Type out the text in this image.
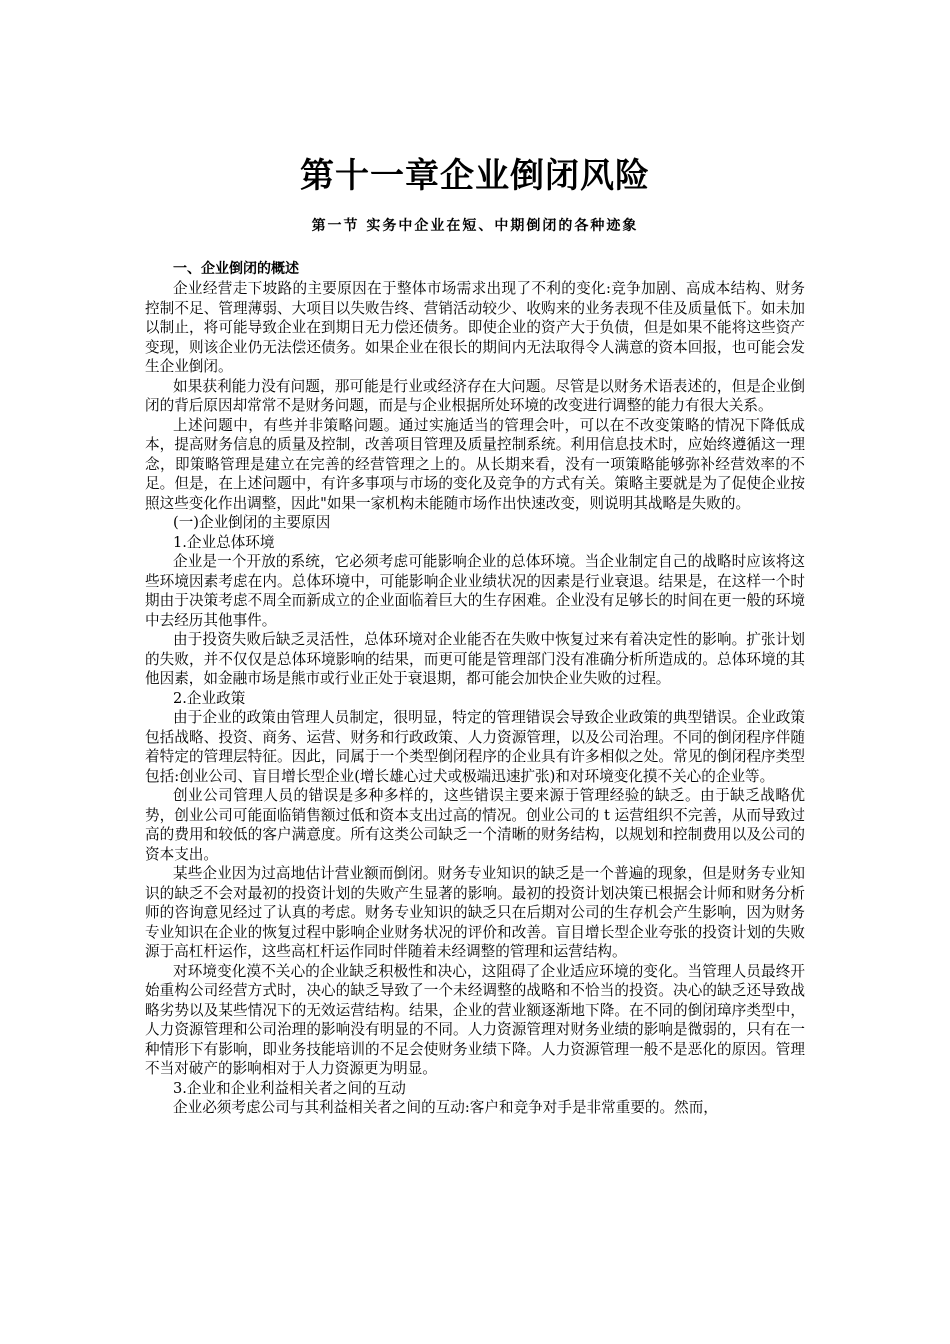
第十一章企业倒闭风险
第一节 实务中企业在短、中期倒闭的各种迹象

一、企业倒闭的概述

企业经营走下坡路的主要原因在于整体市场需求出现了不利的变化:竞争加剧、高成本结构、财务控制不足、管理薄弱、大项目以失败告终、营销活动较少、收购来的业务表现不佳及质量低下。如未加以制止，将可能导致企业在到期日无力偿还债务。即使企业的资产大于负债，但是如果不能将这些资产变现，则该企业仍无法偿还债务。如果企业在很长的期间内无法取得令人满意的资本回报，也可能会发生企业倒闭。

如果获利能力没有问题，那可能是行业或经济存在大问题。尽管是以财务术语表述的，但是企业倒闭的背后原因却常常不是财务问题，而是与企业根据所处环境的改变进行调整的能力有很大关系。

上述问题中，有些并非策略问题。通过实施适当的管理会叶，可以在不改变策略的情况下降低成本，提高财务信息的质量及控制，改善项目管理及质量控制系统。利用信息技术时，应始终遵循这一理念，即策略管理是建立在完善的经营管理之上的。从长期来看，没有一项策略能够弥补经营效率的不足。但是，在上述问题中，有许多事项与市场的变化及竞争的方式有关。策略主要就是为了促使企业按照这些变化作出调整，因此"如果一家机构未能随市场作出快速改变，则说明其战略是失败的。

(一)企业倒闭的主要原因

1.企业总体环境

企业是一个开放的系统，它必须考虑可能影响企业的总体环境。当企业制定自己的战略时应该将这些环境因素考虑在内。总体环境中，可能影响企业业绩状况的因素是行业衰退。结果是，在这样一个时期由于决策考虑不周全而新成立的企业面临着巨大的生存困难。企业没有足够长的时间在更一般的环境中去经历其他事件。

由于投资失败后缺乏灵活性，总体环境对企业能否在失败中恢复过来有着决定性的影响。扩张计划的失败，并不仅仅是总体环境影响的结果，而更可能是管理部门没有准确分析所造成的。总体环境的其他因素，如金融市场是熊市或行业正处于衰退期，都可能会加快企业失败的过程。

2.企业政策

由于企业的政策由管理人员制定，很明显，特定的管理错误会导致企业政策的典型错误。企业政策包括战略、投资、商务、运营、财务和行政政策、人力资源管理，以及公司治理。不同的倒闭程序伴随着特定的管理层特征。因此，同属于一个类型倒闭程序的企业具有许多相似之处。常见的倒闭程序类型包括:创业公司、盲目增长型企业(增长雄心过犬或极端迅速扩张)和对环境变化摸不关心的企业等。

创业公司管理人员的错误是多种多样的，这些错误主要来源于管理经验的缺乏。由于缺乏战略优势，创业公司可能面临销售额过低和资本支出过高的情况。创业公司的 t 运营组织不完善，从而导致过高的费用和较低的客户满意度。所有这类公司缺乏一个清晰的财务结构，以规划和控制费用以及公司的资本支出。

某些企业因为过高地估计营业额而倒闭。财务专业知识的缺乏是一个普遍的现象，但是财务专业知识的缺乏不会对最初的投资计划的失败产生显著的影响。最初的投资计划决策已根据会计师和财务分析师的咨询意见经过了认真的考虑。财务专业知识的缺乏只在后期对公司的生存机会产生影响，因为财务专业知识在企业的恢复过程中影响企业财务状况的评价和改善。盲目增长型企业夸张的投资计划的失败源于高杠杆运作，这些高杠杆运作同时伴随着未经调整的管理和运营结构。

对环境变化漠不关心的企业缺乏积极性和决心，这阻碍了企业适应环境的变化。当管理人员最终开始重构公司经营方式时，决心的缺乏导致了一个未经调整的战略和不恰当的投资。决心的缺乏还导致战略劣势以及某些情况下的无效运营结构。结果，企业的营业额逐渐地下降。在不同的倒闭璋序类型中，人力资源管理和公司治理的影响没有明显的不同。人力资源管理对财务业绩的影响是微弱的，只有在一种情形下有影响，即业务技能培训的不足会使财务业绩下降。人力资源管理一般不是恶化的原因。管理不当对破产的影响相对于人力资源更为明显。

3.企业和企业利益相关者之间的互动

企业必须考虑公司与其利益相关者之间的互动:客户和竞争对手是非常重要的。然而，
